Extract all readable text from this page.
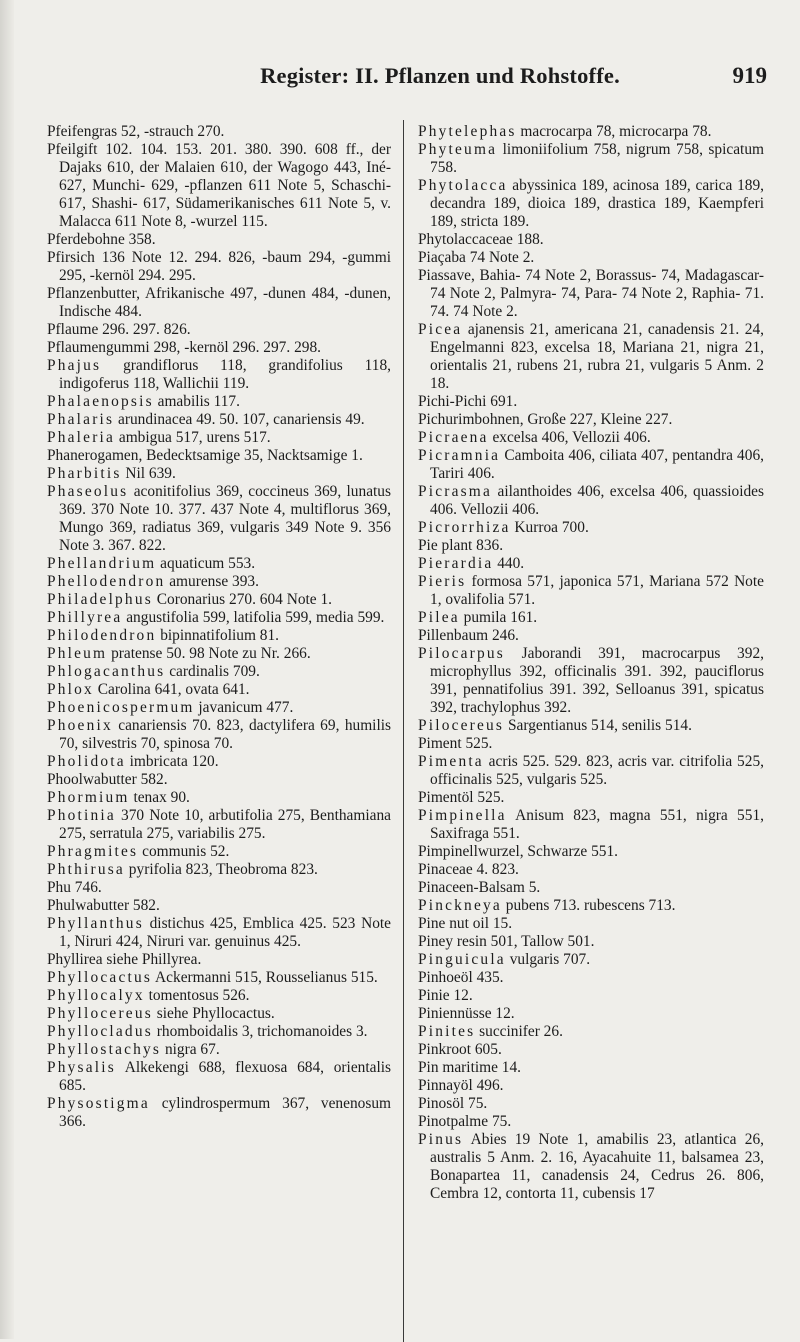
Register: II. Pflanzen und Rohstoffe.	919

Pfeifengras 52, -strauch 270.

Pfeilgift 102. 104. 153. 201. 380. 390. 608 ff., der Dajaks 610, der Malaien 610, der Wagogo 443, Iné- 627, Munchi- 629, -pflanzen 611 Note 5, Schaschi- 617, Shashi- 617, Südamerikanisches 611 Note 5, v. Malacca 611 Note 8, -wurzel 115.

Pferdebohne 358.

Pfirsich 136 Note 12. 294. 826, -baum 294, -gummi 295, -kernöl 294. 295.

Pflanzenbutter, Afrikanische 497, -dunen 484, -dunen, Indische 484.

Pflaume 296. 297. 826.

Pflaumengummi 298, -kernöl 296. 297. 298.

Phajus grandiflorus 118, grandifolius 118, indigoferus 118, Wallichii 119.

Phalaenopsis amabilis 117.

Phalaris arundinacea 49. 50. 107, canariensis 49.

Phaleria ambigua 517, urens 517.

Phanerogamen, Bedecktsamige 35, Nacktsamige 1.

Pharbitis Nil 639.

Phaseolus aconitifolius 369, coccineus 369, lunatus 369. 370 Note 10. 377. 437 Note 4, multiflorus 369, Mungo 369, radiatus 369, vulgaris 349 Note 9. 356 Note 3. 367. 822.

Phellandrium aquaticum 553.

Phellodendron amurense 393.

Philadelphus Coronarius 270. 604 Note 1.

Phillyrea angustifolia 599, latifolia 599, media 599.

Philodendron bipinnatifolium 81.

Phleum pratense 50. 98 Note zu Nr. 266.

Phlogacanthus cardinalis 709.

Phlox Carolina 641, ovata 641.

Phoenicospermum javanicum 477.

Phoenix canariensis 70. 823, dactylifera 69, humilis 70, silvestris 70, spinosa 70.

Pholidota imbricata 120.

Phoolwabutter 582.

Phormium tenax 90.

Photinia 370 Note 10, arbutifolia 275, Benthamiana 275, serratula 275, variabilis 275.

Phragmites communis 52.

Phthirusa pyrifolia 823, Theobroma 823.

Phu 746.

Phulwabutter 582.

Phyllanthus distichus 425, Emblica 425. 523 Note 1, Niruri 424, Niruri var. genuinus 425.

Phyllirea siehe Phillyrea.

Phyllocactus Ackermanni 515, Rousselianus 515.

Phyllocalyx tomentosus 526.

Phyllocereus siehe Phyllocactus.

Phyllocladus rhomboidalis 3, trichomanoides 3.

Phyllostachys nigra 67.

Physalis Alkekengi 688, flexuosa 684, orientalis 685.

Physostigma cylindrospermum 367, venenosum 366.

Phytelephas macrocarpa 78, microcarpa 78.

Phyteuma limoniifolium 758, nigrum 758, spicatum 758.

Phytolacca abyssinica 189, acinosa 189, carica 189, decandra 189, dioica 189, drastica 189, Kaempferi 189, stricta 189.

Phytolaccaceae 188.

Piaçaba 74 Note 2.

Piassave, Bahia- 74 Note 2, Borassus- 74, Madagascar- 74 Note 2, Palmyra- 74, Para- 74 Note 2, Raphia- 71. 74. 74 Note 2.

Picea ajanensis 21, americana 21, canadensis 21. 24, Engelmanni 823, excelsa 18, Mariana 21, nigra 21, orientalis 21, rubens 21, rubra 21, vulgaris 5 Anm. 2 18.

Pichi-Pichi 691.

Pichurimbohnen, Große 227, Kleine 227.

Picraena excelsa 406, Vellozii 406.

Picramnia Camboita 406, ciliata 407, pentandra 406, Tariri 406.

Picrasma ailanthoides 406, excelsa 406, quassioides 406. Vellozii 406.

Picrorrhiza Kurroa 700.

Pie plant 836.

Pierardia 440.

Pieris formosa 571, japonica 571, Mariana 572 Note 1, ovalifolia 571.

Pilea pumila 161.

Pillenbaum 246.

Pilocarpus Jaborandi 391, macrocarpus 392, microphyllus 392, officinalis 391. 392, pauciflorus 391, pennatifolius 391. 392, Selloanus 391, spicatus 392, trachylophus 392.

Pilocereus Sargentianus 514, senilis 514.

Piment 525.

Pimenta acris 525. 529. 823, acris var. citrifolia 525, officinalis 525, vulgaris 525.

Pimentöl 525.

Pimpinella Anisum 823, magna 551, nigra 551, Saxifraga 551.

Pimpinellwurzel, Schwarze 551.

Pinaceae 4. 823.

Pinaceen-Balsam 5.

Pinckneya pubens 713. rubescens 713.

Pine nut oil 15.

Piney resin 501, Tallow 501.

Pinguicula vulgaris 707.

Pinhoeöl 435.

Pinie 12.

Piniennüsse 12.

Pinites succinifer 26.

Pinkroot 605.

Pin maritime 14.

Pinnayöl 496.

Pinosöl 75.

Pinotpalme 75.

Pinus Abies 19 Note 1, amabilis 23, atlantica 26, australis 5 Anm. 2. 16, Ayacahuite 11, balsamea 23, Bonapartea 11, canadensis 24, Cedrus 26. 806, Cembra 12, contorta 11, cubensis 17
